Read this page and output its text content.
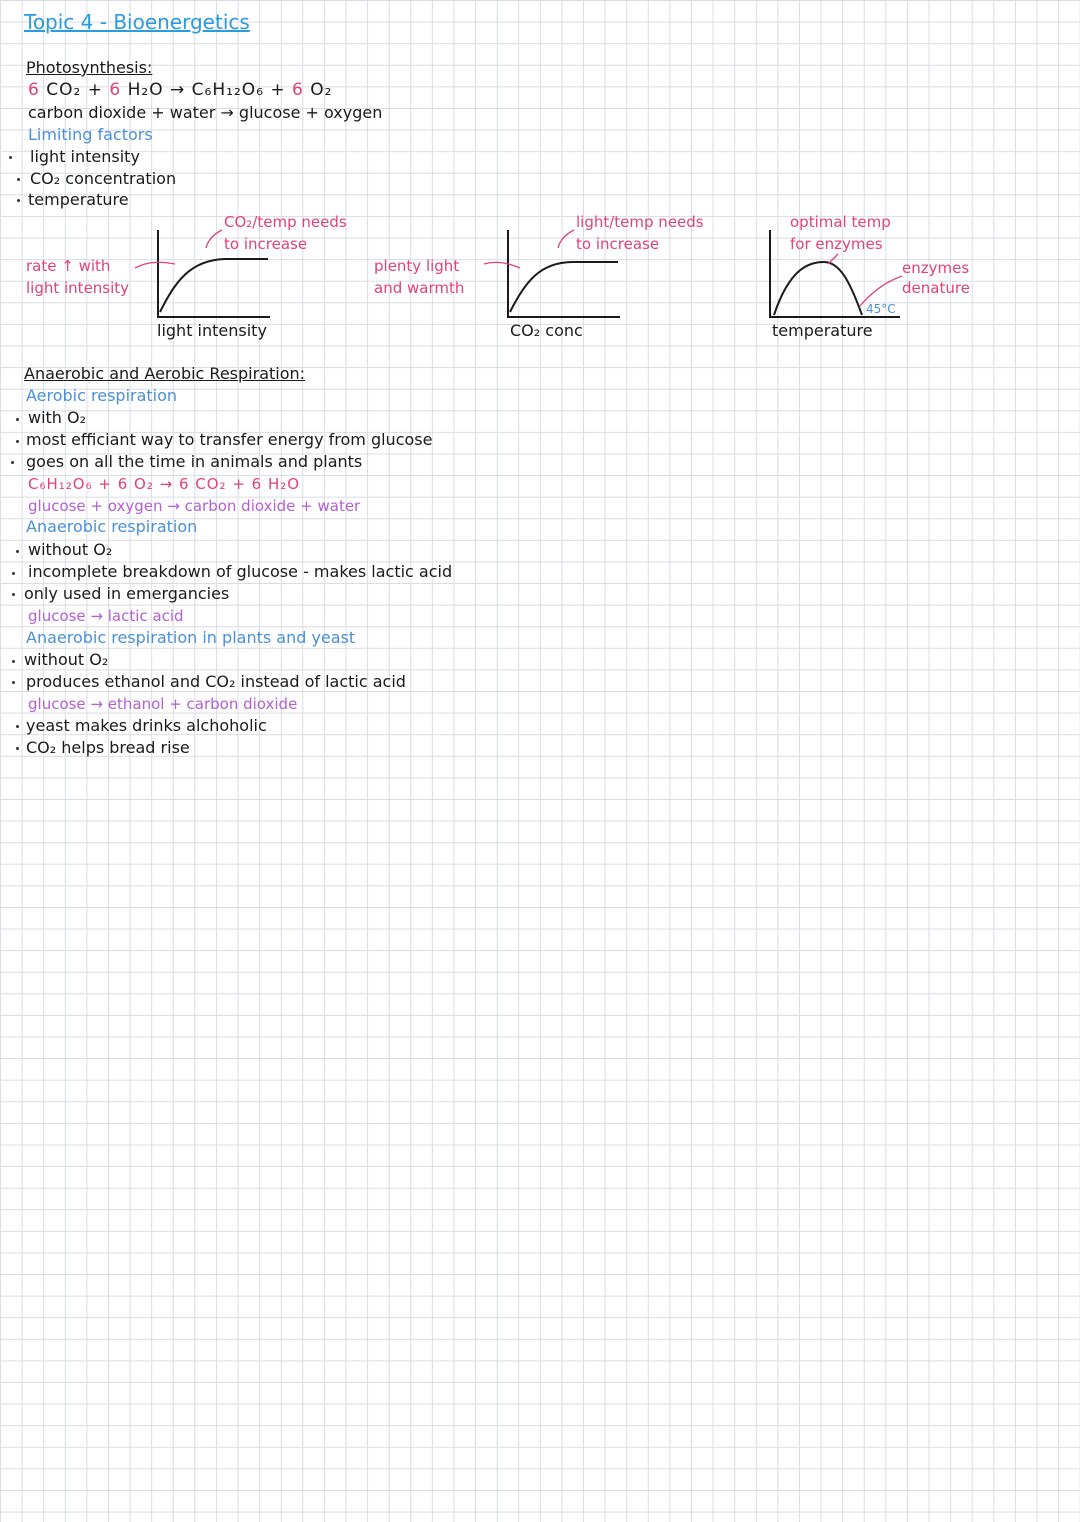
Topic 4 - Bioenergetics
Photosynthesis:
6 CO₂ + 6 H₂O → C₆H₁₂O₆ + 6 O₂
carbon dioxide + water → glucose + oxygen
Limiting factors
light intensity
CO₂ concentration
temperature
CO₂/temp needs
to increase
rate ↑ with
light intensity
light intensity
plenty light
and warmth
light/temp needs
to increase
CO₂ conc
optimal temp
for enzymes
enzymes
denature
45°C
temperature
Anaerobic and Aerobic Respiration:
Aerobic respiration
with O₂
most efficiant way to transfer energy from glucose
goes on all the time in animals and plants
C₆H₁₂O₆ + 6 O₂ → 6 CO₂ + 6 H₂O
glucose + oxygen → carbon dioxide + water
Anaerobic respiration
without O₂
incomplete breakdown of glucose - makes lactic acid
only used in emergancies
glucose → lactic acid
Anaerobic respiration in plants and yeast
without O₂
produces ethanol and CO₂ instead of lactic acid
glucose → ethanol + carbon dioxide
yeast makes drinks alchoholic
CO₂ helps bread rise
